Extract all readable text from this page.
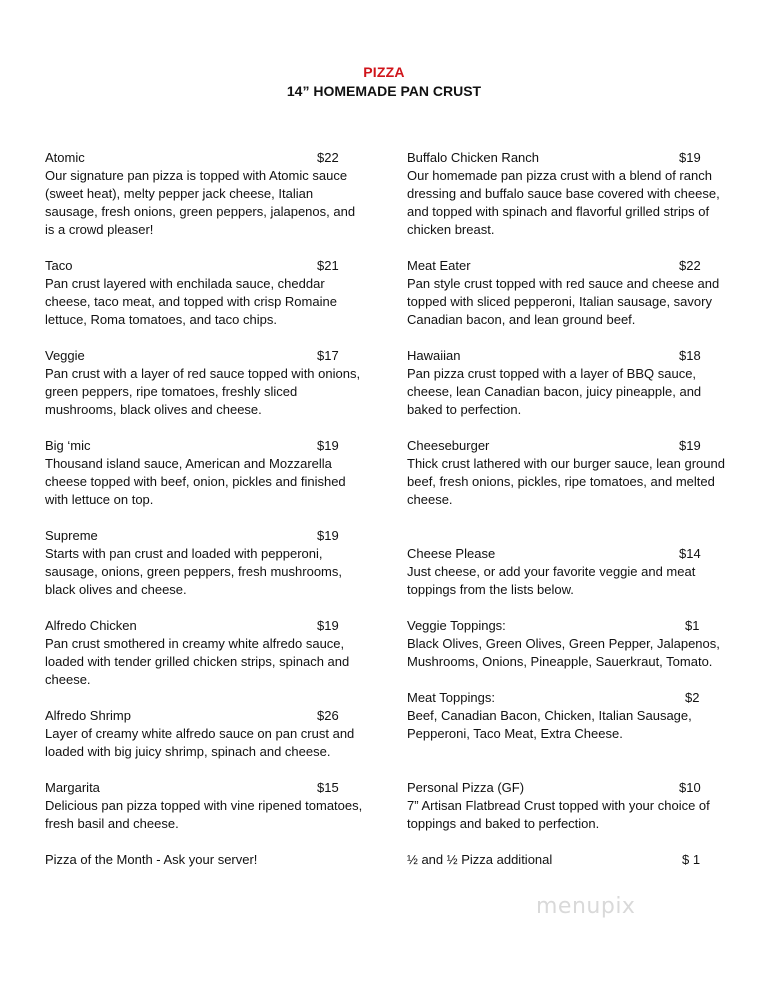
PIZZA
14” HOMEMADE PAN CRUST
Atomic	$22

Our signature pan pizza is topped with Atomic sauce (sweet heat), melty pepper jack cheese, Italian sausage, fresh onions, green peppers, jalapenos, and is a crowd pleaser!

Taco	$21

Pan crust layered with enchilada sauce, cheddar cheese, taco meat, and topped with crisp Romaine lettuce, Roma tomatoes, and taco chips.

Veggie	$17

Pan crust with a layer of red sauce topped with onions, green peppers, ripe tomatoes, freshly sliced mushrooms, black olives and cheese.

Big ‘mic	$19

Thousand island sauce, American and Mozzarella cheese topped with beef, onion, pickles and finished with lettuce on top.

Supreme	$19

Starts with pan crust and loaded with pepperoni, sausage, onions, green peppers, fresh mushrooms, black olives and cheese.

Alfredo Chicken	$19

Pan crust smothered in creamy white alfredo sauce, loaded with tender grilled chicken strips, spinach and cheese.

Alfredo Shrimp	$26

Layer of creamy white alfredo sauce on pan crust and loaded with big juicy shrimp, spinach and cheese.

Margarita	$15

Delicious pan pizza topped with vine ripened tomatoes, fresh basil and cheese.

Pizza of the Month - Ask your server!
Buffalo Chicken Ranch	$19

Our homemade pan pizza crust with a blend of ranch dressing and buffalo sauce base covered with cheese, and topped with spinach and flavorful grilled strips of chicken breast.

Meat Eater	$22

Pan style crust topped with red sauce and cheese and topped with sliced pepperoni, Italian sausage, savory Canadian bacon, and lean ground beef.

Hawaiian	$18

Pan pizza crust topped with a layer of BBQ sauce, cheese, lean Canadian bacon, juicy pineapple, and baked to perfection.

Cheeseburger	$19

Thick crust lathered with our burger sauce, lean ground beef, fresh onions, pickles, ripe tomatoes, and melted cheese.

Cheese Please	$14

Just cheese, or add your favorite veggie and meat toppings from the lists below.

Veggie Toppings:	$1

Black Olives, Green Olives, Green Pepper, Jalapenos, Mushrooms, Onions, Pineapple, Sauerkraut, Tomato.

Meat Toppings:	$2

Beef, Canadian Bacon, Chicken, Italian Sausage, Pepperoni, Taco Meat, Extra Cheese.

Personal Pizza (GF)	$10

7” Artisan Flatbread Crust topped with your choice of toppings and baked to perfection.

½ and ½ Pizza additional	$ 1
menupix
